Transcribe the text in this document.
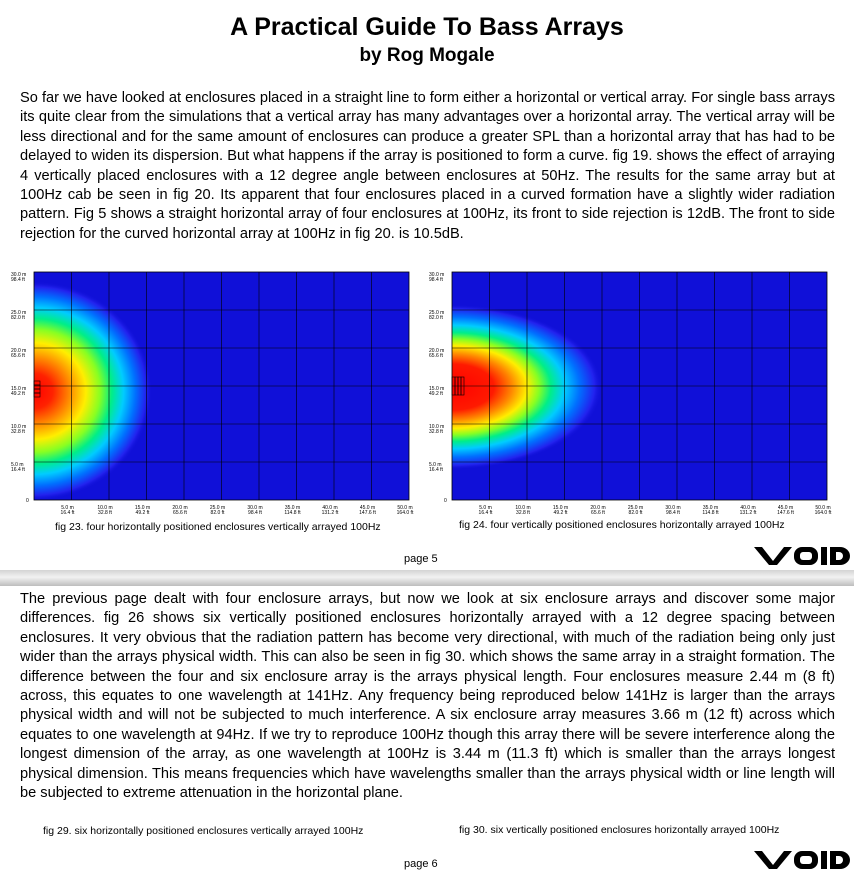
A Practical Guide To Bass Arrays
by Rog Mogale

So far we have looked at enclosures placed in a straight line to form either a horizontal or vertical array. For single bass arrays its quite clear from the simulations that a vertical array has many advantages over a horizontal array. The vertical array will be less directional and for the same amount of enclosures can produce a greater SPL than a horizontal array that has had to be delayed to widen its dispersion. But what happens if the array is positioned to form a curve. fig 19. shows the effect of arraying 4 vertically placed enclosures with a 12 degree angle between enclosures at 50Hz. The results for the same array but at 100Hz cab be seen in fig 20. Its apparent that four enclosures placed in a curved formation have a slightly wider radiation pattern. Fig 5 shows a straight horizontal array of four enclosures at 100Hz, its front to side rejection is 12dB. The front to side rejection for the curved horizontal array at 100Hz in fig 20. is 10.5dB.

30.0 m
98.4 ft
25.0 m
82.0 ft
20.0 m
65.6 ft
15.0 m
49.2 ft
10.0 m
32.8 ft
5.0 m
16.4 ft
0
5.0 m
16.4 ft
10.0 m
32.8 ft
15.0 m
49.2 ft
20.0 m
65.6 ft
25.0 m
82.0 ft
30.0 m
98.4 ft
35.0 m
114.8 ft
40.0 m
131.2 ft
45.0 m
147.6 ft
50.0 m
164.0 ft
30.0 m
98.4 ft
25.0 m
82.0 ft
20.0 m
65.6 ft
15.0 m
49.2 ft
10.0 m
32.8 ft
5.0 m
16.4 ft
0
5.0 m
16.4 ft
10.0 m
32.8 ft
15.0 m
49.2 ft
20.0 m
65.6 ft
25.0 m
82.0 ft
30.0 m
98.4 ft
35.0 m
114.8 ft
40.0 m
131.2 ft
45.0 m
147.6 ft
50.0 m
164.0 ft
fig 23. four horizontally positioned enclosures vertically arrayed 100Hz	fig 24. four vertically positioned enclosures horizontally arrayed 100Hz
page 5

The previous page dealt with four enclosure arrays, but now we look at six enclosure arrays and discover some major differences. fig 26 shows six vertically positioned enclosures horizontally arrayed with a 12 degree spacing between enclosures. It very obvious that the radiation pattern has become very directional, with much of the radiation being only just wider than the arrays physical width. This can also be seen in fig 30. which shows the same array in a straight formation. The difference between the four and six enclosure array is the arrays physical length. Four enclosures measure 2.44 m (8 ft) across, this equates to one wavelength at 141Hz. Any frequency being reproduced below 141Hz is larger than the arrays physical width and will not be subjected to much interference. A six enclosure array measures 3.66 m (12 ft) across which equates to one wavelength at 94Hz. If we try to reproduce 100Hz though this array there will be severe interference along the longest dimension of the array, as one wavelength at 100Hz is 3.44 m (11.3 ft) which is smaller than the arrays longest physical dimension. This means frequencies which have wavelengths smaller than the arrays physical width or line length will be subjected to extreme attenuation in the horizontal plane.

fig 29. six horizontally positioned enclosures vertically arrayed 100Hz	fig 30. six vertically positioned enclosures horizontally arrayed 100Hz
page 6
